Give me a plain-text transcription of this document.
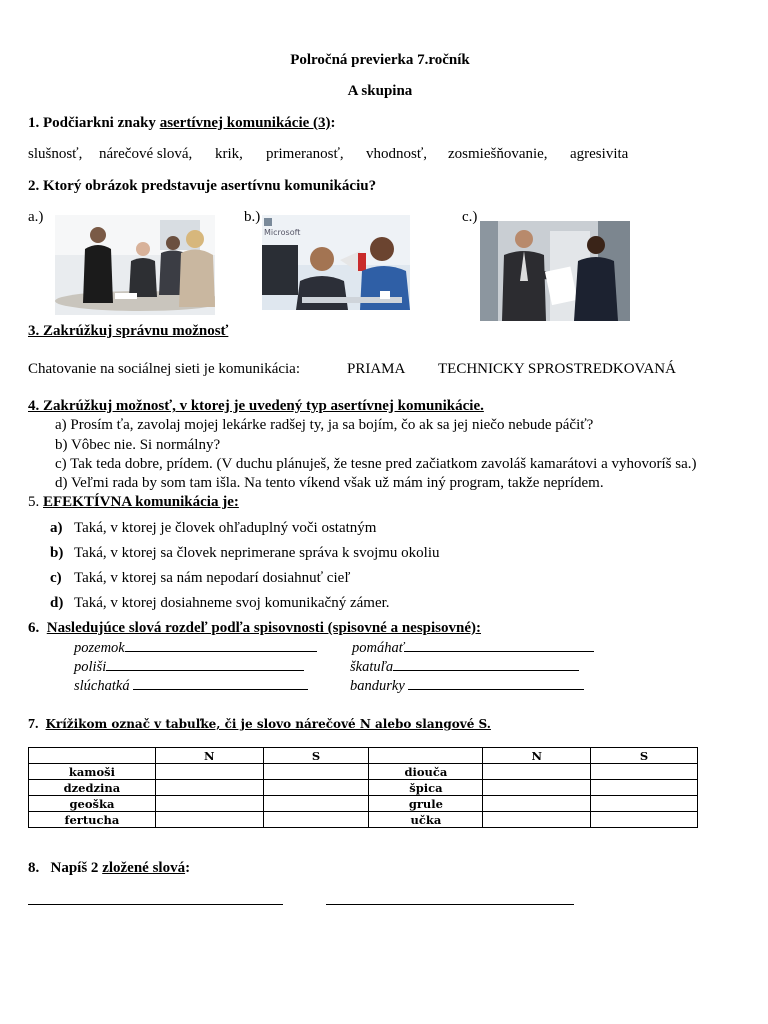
Polročná previerka 7.ročník
A skupina
1. Podčiarkni znaky asertívnej komunikácie (3):
slušnosť, nárečové slová, krik, primeranosť, vhodnosť, zosmiešňovanie, agresivita
2. Ktorý obrázok predstavuje asertívnu komunikáciu?
a.)	b.)	c.)
Microsoft
3. Zakrúžkuj správnu možnosť
Chatovanie na sociálnej sieti je komunikácia:	PRIAMA TECHNICKY SPROSTREDKOVANÁ
4. Zakrúžkuj možnosť, v ktorej je uvedený typ asertívnej komunikácie.
a) Prosím ťa, zavolaj mojej lekárke radšej ty, ja sa bojím, čo ak sa jej niečo nebude páčiť?
b) Vôbec nie. Si normálny?
c) Tak teda dobre, prídem. (V duchu plánuješ, že tesne pred začiatkom zavoláš kamarátovi a vyhovoríš sa.)
d) Veľmi rada by som tam išla. Na tento víkend však už mám iný program, takže neprídem.
5. EFEKTÍVNA komunikácia je:
a) Taká, v ktorej je človek ohľaduplný voči ostatným
b) Taká, v ktorej sa človek neprimerane správa k svojmu okoliu
c) Taká, v ktorej sa nám nepodarí dosiahnuť cieľ
d) Taká, v ktorej dosiahneme svoj komunikačný zámer.
6. Nasledujúce slová rozdeľ podľa spisovnosti (spisovné a nespisovné):
pozemok	pomáhať
poliši	škatuľa
slúchatká	bandurky
7. Krížikom označ v tabuľke, či je slovo nárečové N alebo slangové S.
	N	S		N	S
kamoši			diouča		
dzedzina			špica		
geoška			grule		
fertucha			učka		
8. Napíš 2 zložené slová:
